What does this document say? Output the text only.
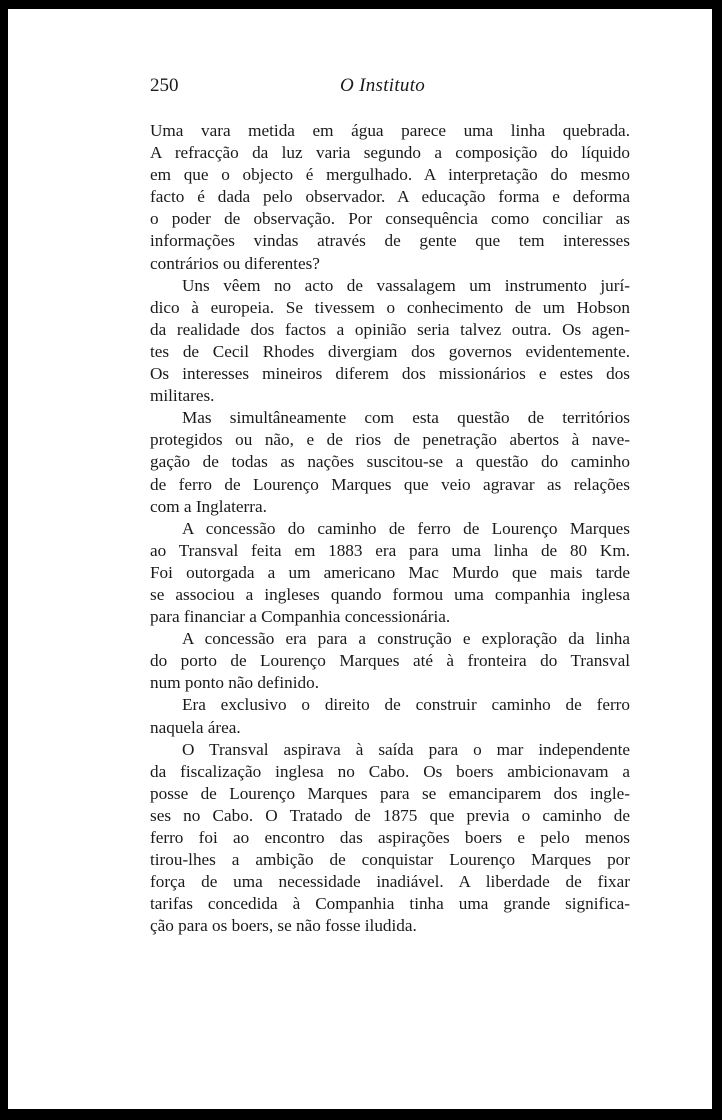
250	O Instituto

Uma vara metida em água parece uma linha quebrada.
A refracção da luz varia segundo a composição do líquido
em que o objecto é mergulhado. A interpretação do mesmo
facto é dada pelo observador. A educação forma e deforma
o poder de observação. Por consequência como conciliar as
informações vindas através de gente que tem interesses
contrários ou diferentes?

Uns vêem no acto de vassalagem um instrumento jurí-
dico à europeia. Se tivessem o conhecimento de um Hobson
da realidade dos factos a opinião seria talvez outra. Os agen-
tes de Cecil Rhodes divergiam dos governos evidentemente.
Os interesses mineiros diferem dos missionários e estes dos
militares.

Mas simultâneamente com esta questão de territórios
protegidos ou não, e de rios de penetração abertos à nave-
gação de todas as nações suscitou-se a questão do caminho
de ferro de Lourenço Marques que veio agravar as relações
com a Inglaterra.

A concessão do caminho de ferro de Lourenço Marques
ao Transval feita em 1883 era para uma linha de 80 Km.
Foi outorgada a um americano Mac Murdo que mais tarde
se associou a ingleses quando formou uma companhia inglesa
para financiar a Companhia concessionária.

A concessão era para a construção e exploração da linha
do porto de Lourenço Marques até à fronteira do Transval
num ponto não definido.

Era exclusivo o direito de construir caminho de ferro
naquela área.

O Transval aspirava à saída para o mar independente
da fiscalização inglesa no Cabo. Os boers ambicionavam a
posse de Lourenço Marques para se emanciparem dos ingle-
ses no Cabo. O Tratado de 1875 que previa o caminho de
ferro foi ao encontro das aspirações boers e pelo menos
tirou-lhes a ambição de conquistar Lourenço Marques por
força de uma necessidade inadiável. A liberdade de fixar
tarifas concedida à Companhia tinha uma grande significa-
ção para os boers, se não fosse iludida.
